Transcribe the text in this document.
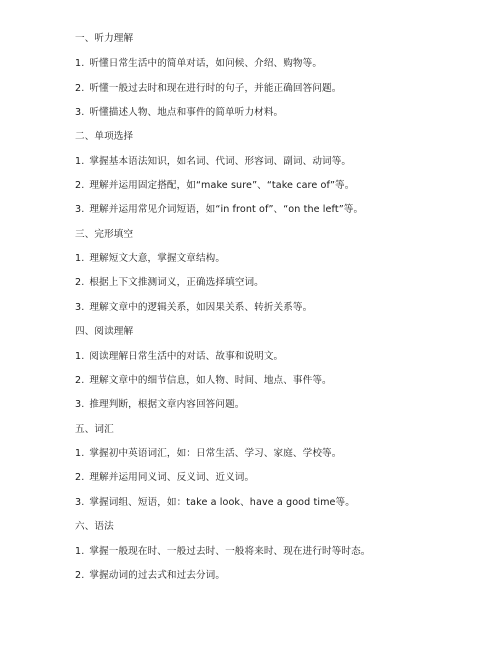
一、听力理解
1. 听懂日常生活中的简单对话，如问候、介绍、购物等。
2. 听懂一般过去时和现在进行时的句子，并能正确回答问题。
3. 听懂描述人物、地点和事件的简单听力材料。
二、单项选择
1. 掌握基本语法知识，如名词、代词、形容词、副词、动词等。
2. 理解并运用固定搭配，如“make sure”、“take care of”等。
3. 理解并运用常见介词短语，如“in front of”、“on the left”等。
三、完形填空
1. 理解短文大意，掌握文章结构。
2. 根据上下文推测词义，正确选择填空词。
3. 理解文章中的逻辑关系，如因果关系、转折关系等。
四、阅读理解
1. 阅读理解日常生活中的对话、故事和说明文。
2. 理解文章中的细节信息，如人物、时间、地点、事件等。
3. 推理判断，根据文章内容回答问题。
五、词汇
1. 掌握初中英语词汇，如：日常生活、学习、家庭、学校等。
2. 理解并运用同义词、反义词、近义词。
3. 掌握词组、短语，如：take a look、have a good time等。
六、语法
1. 掌握一般现在时、一般过去时、一般将来时、现在进行时等时态。
2. 掌握动词的过去式和过去分词。
